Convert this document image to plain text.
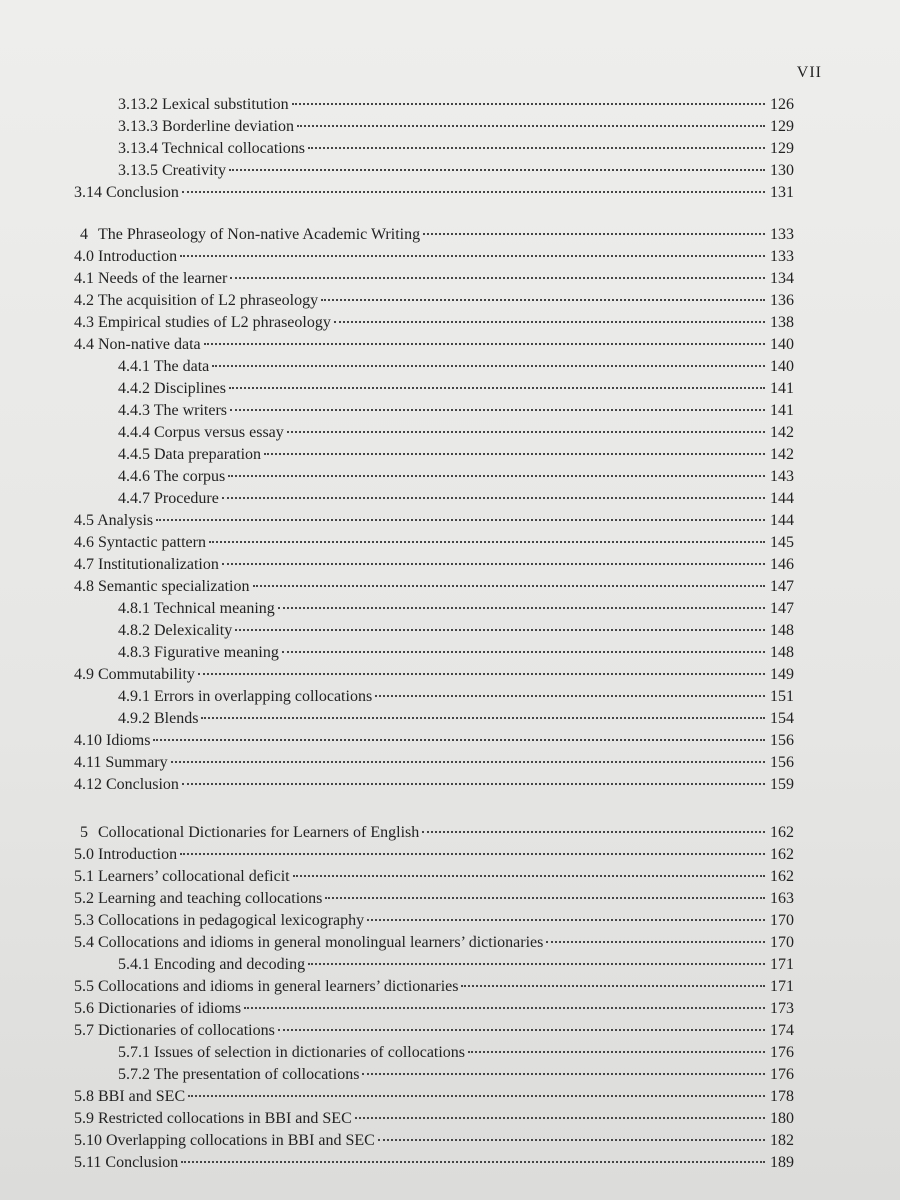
VII
3.13.2 Lexical substitution	126
3.13.3 Borderline deviation	129
3.13.4 Technical collocations	129
3.13.5 Creativity	130
3.14 Conclusion	131
4 The Phraseology of Non-native Academic Writing	133
4.0 Introduction	133
4.1 Needs of the learner	134
4.2 The acquisition of L2 phraseology	136
4.3 Empirical studies of L2 phraseology	138
4.4 Non-native data	140
4.4.1 The data	140
4.4.2 Disciplines	141
4.4.3 The writers	141
4.4.4 Corpus versus essay	142
4.4.5 Data preparation	142
4.4.6 The corpus	143
4.4.7 Procedure	144
4.5 Analysis	144
4.6 Syntactic pattern	145
4.7 Institutionalization	146
4.8 Semantic specialization	147
4.8.1 Technical meaning	147
4.8.2 Delexicality	148
4.8.3 Figurative meaning	148
4.9 Commutability	149
4.9.1 Errors in overlapping collocations	151
4.9.2 Blends	154
4.10 Idioms	156
4.11 Summary	156
4.12 Conclusion	159
5 Collocational Dictionaries for Learners of English	162
5.0 Introduction	162
5.1 Learners’ collocational deficit	162
5.2 Learning and teaching collocations	163
5.3 Collocations in pedagogical lexicography	170
5.4 Collocations and idioms in general monolingual learners’ dictionaries	170
5.4.1 Encoding and decoding	171
5.5 Collocations and idioms in general learners’ dictionaries	171
5.6 Dictionaries of idioms	173
5.7 Dictionaries of collocations	174
5.7.1 Issues of selection in dictionaries of collocations	176
5.7.2 The presentation of collocations	176
5.8 BBI and SEC	178
5.9 Restricted collocations in BBI and SEC	180
5.10 Overlapping collocations in BBI and SEC	182
5.11 Conclusion	189
